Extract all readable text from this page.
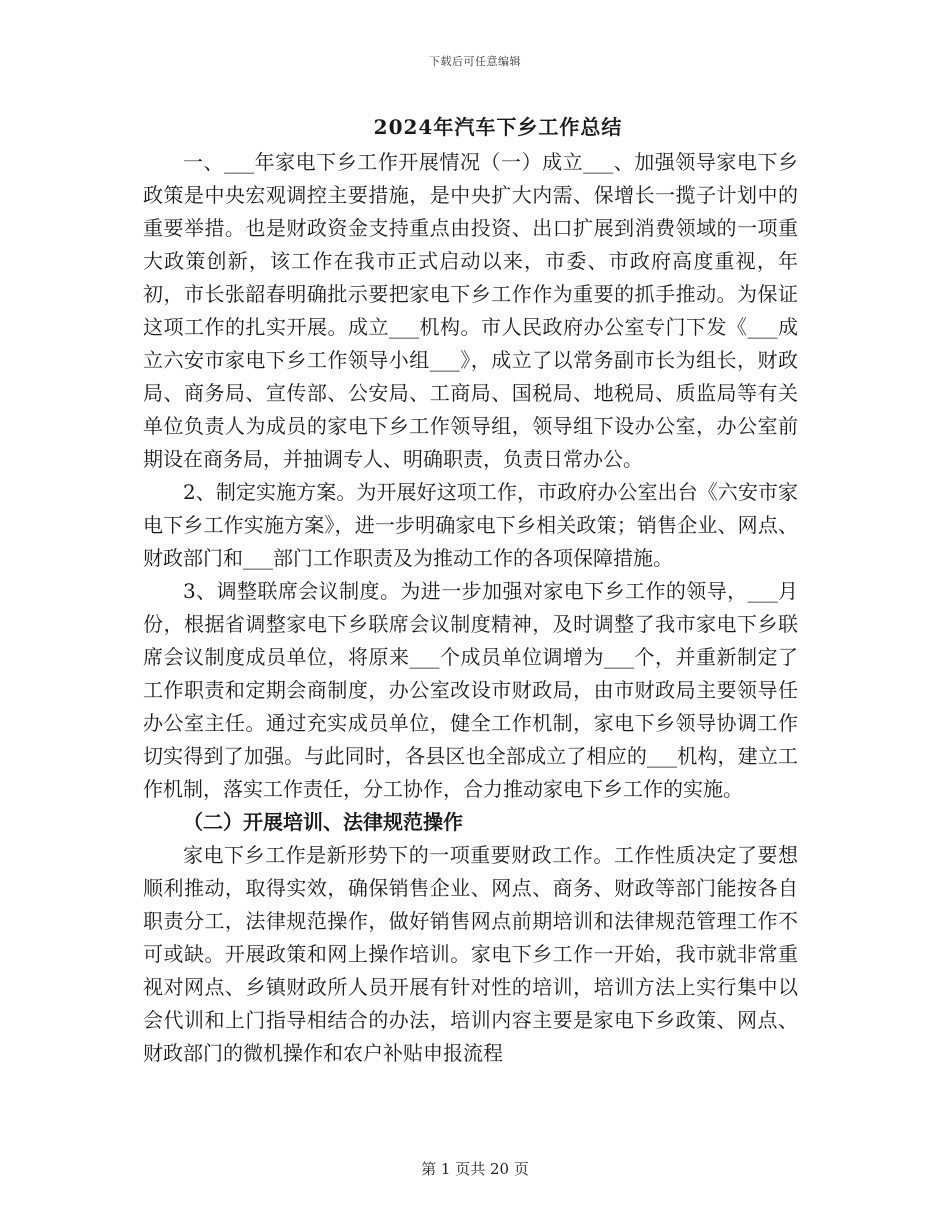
下载后可任意编辑
2024年汽车下乡工作总结

一、___年家电下乡工作开展情况（一）成立___、加强领导家电下乡政策是中央宏观调控主要措施，是中央扩大内需、保增长一揽子计划中的重要举措。也是财政资金支持重点由投资、出口扩展到消费领域的一项重大政策创新，该工作在我市正式启动以来，市委、市政府高度重视，年初，市长张韶春明确批示要把家电下乡工作作为重要的抓手推动。为保证这项工作的扎实开展。成立___机构。市人民政府办公室专门下发《___成立六安市家电下乡工作领导小组___》，成立了以常务副市长为组长，财政局、商务局、宣传部、公安局、工商局、国税局、地税局、质监局等有关单位负责人为成员的家电下乡工作领导组，领导组下设办公室，办公室前期设在商务局，并抽调专人、明确职责，负责日常办公。

2、制定实施方案。为开展好这项工作，市政府办公室出台《六安市家电下乡工作实施方案》，进一步明确家电下乡相关政策；销售企业、网点、财政部门和___部门工作职责及为推动工作的各项保障措施。

3、调整联席会议制度。为进一步加强对家电下乡工作的领导，___月份，根据省调整家电下乡联席会议制度精神，及时调整了我市家电下乡联席会议制度成员单位，将原来___个成员单位调增为___个，并重新制定了工作职责和定期会商制度，办公室改设市财政局，由市财政局主要领导任办公室主任。通过充实成员单位，健全工作机制，家电下乡领导协调工作切实得到了加强。与此同时，各县区也全部成立了相应的___机构，建立工作机制，落实工作责任，分工协作，合力推动家电下乡工作的实施。

（二）开展培训、法律规范操作

家电下乡工作是新形势下的一项重要财政工作。工作性质决定了要想顺利推动，取得实效，确保销售企业、网点、商务、财政等部门能按各自职责分工，法律规范操作，做好销售网点前期培训和法律规范管理工作不可或缺。开展政策和网上操作培训。家电下乡工作一开始，我市就非常重视对网点、乡镇财政所人员开展有针对性的培训，培训方法上实行集中以会代训和上门指导相结合的办法，培训内容主要是家电下乡政策、网点、财政部门的微机操作和农户补贴申报流程

第 1 页共 20 页
